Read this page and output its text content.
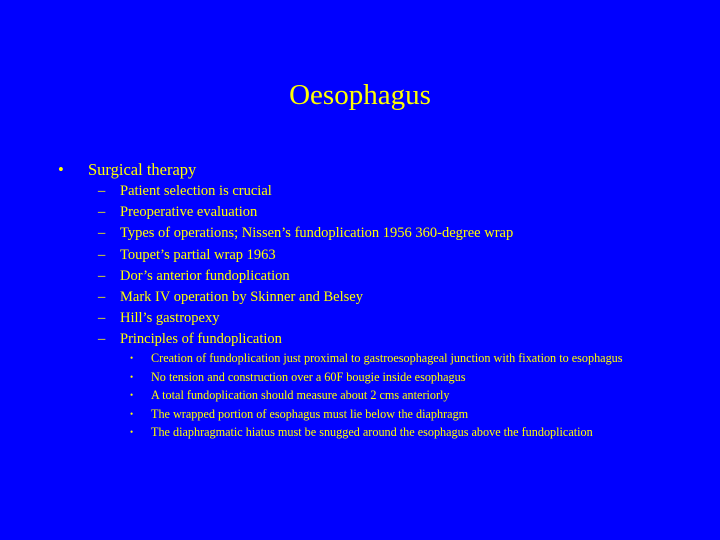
Oesophagus
•	Surgical therapy
– Patient selection is crucial
– Preoperative evaluation
– Types of operations; Nissen’s fundoplication 1956 360-degree wrap
– Toupet’s partial wrap 1963
– Dor’s anterior fundoplication
– Mark IV operation by Skinner and Belsey
– Hill’s gastropexy
– Principles of fundoplication
• Creation of fundoplication just proximal to gastroesophageal junction with fixation to esophagus
• No tension and construction over a 60F bougie inside esophagus
• A total fundoplication should measure about 2 cms anteriorly
• The wrapped portion of esophagus must lie below the diaphragm
• The diaphragmatic hiatus must be snugged around the esophagus above the fundoplication
